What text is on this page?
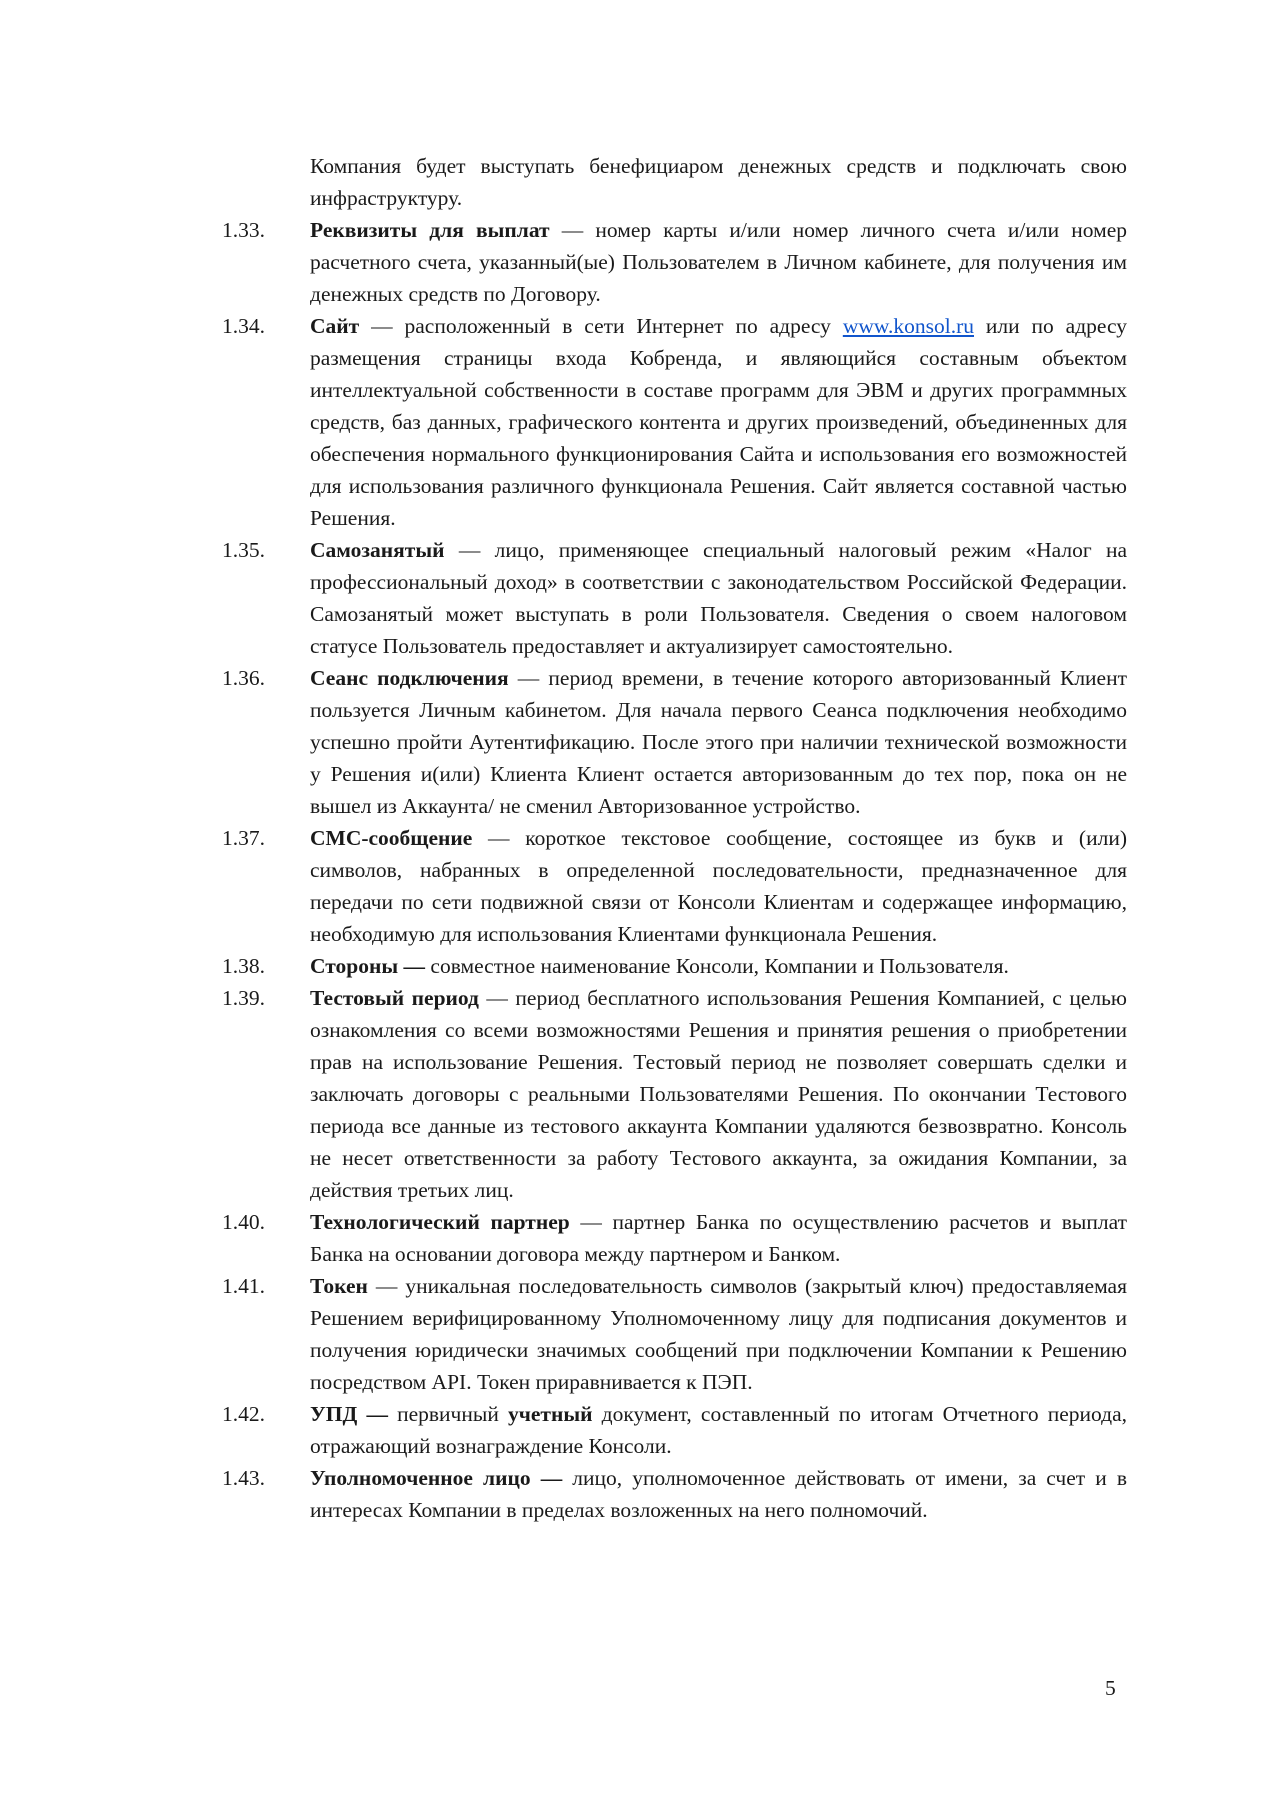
Компания будет выступать бенефициаром денежных средств и подключать свою инфраструктуру.
1.33.	Реквизиты для выплат — номер карты и/или номер личного счета и/или номер расчетного счета, указанный(ые) Пользователем в Личном кабинете, для получения им денежных средств по Договору.
1.34.	Сайт — расположенный в сети Интернет по адресу www.konsol.ru или по адресу размещения страницы входа Кобренда, и являющийся составным объектом интеллектуальной собственности в составе программ для ЭВМ и других программных средств, баз данных, графического контента и других произведений, объединенных для обеспечения нормального функционирования Сайта и использования его возможностей для использования различного функционала Решения. Сайт является составной частью Решения.
1.35.	Самозанятый — лицо, применяющее специальный налоговый режим «Налог на профессиональный доход» в соответствии с законодательством Российской Федерации. Самозанятый может выступать в роли Пользователя. Сведения о своем налоговом статусе Пользователь предоставляет и актуализирует самостоятельно.
1.36.	Сеанс подключения — период времени, в течение которого авторизованный Клиент пользуется Личным кабинетом. Для начала первого Сеанса подключения необходимо успешно пройти Аутентификацию. После этого при наличии технической возможности у Решения и(или) Клиента Клиент остается авторизованным до тех пор, пока он не вышел из Аккаунта/ не сменил Авторизованное устройство.
1.37.	СМС-сообщение — короткое текстовое сообщение, состоящее из букв и (или) символов, набранных в определенной последовательности, предназначенное для передачи по сети подвижной связи от Консоли Клиентам и содержащее информацию, необходимую для использования Клиентами функционала Решения.
1.38.	Стороны — совместное наименование Консоли, Компании и Пользователя.
1.39.	Тестовый период — период бесплатного использования Решения Компанией, с целью ознакомления со всеми возможностями Решения и принятия решения о приобретении прав на использование Решения. Тестовый период не позволяет совершать сделки и заключать договоры с реальными Пользователями Решения. По окончании Тестового периода все данные из тестового аккаунта Компании удаляются безвозвратно. Консоль не несет ответственности за работу Тестового аккаунта, за ожидания Компании, за действия третьих лиц.
1.40.	Технологический партнер — партнер Банка по осуществлению расчетов и выплат Банка на основании договора между партнером и Банком.
1.41.	Токен — уникальная последовательность символов (закрытый ключ) предоставляемая Решением верифицированному Уполномоченному лицу для подписания документов и получения юридически значимых сообщений при подключении Компании к Решению посредством API. Токен приравнивается к ПЭП.
1.42.	УПД — первичный учетный документ, составленный по итогам Отчетного периода, отражающий вознаграждение Консоли.
1.43.	Уполномоченное лицо — лицо, уполномоченное действовать от имени, за счет и в интересах Компании в пределах возложенных на него полномочий.
5
